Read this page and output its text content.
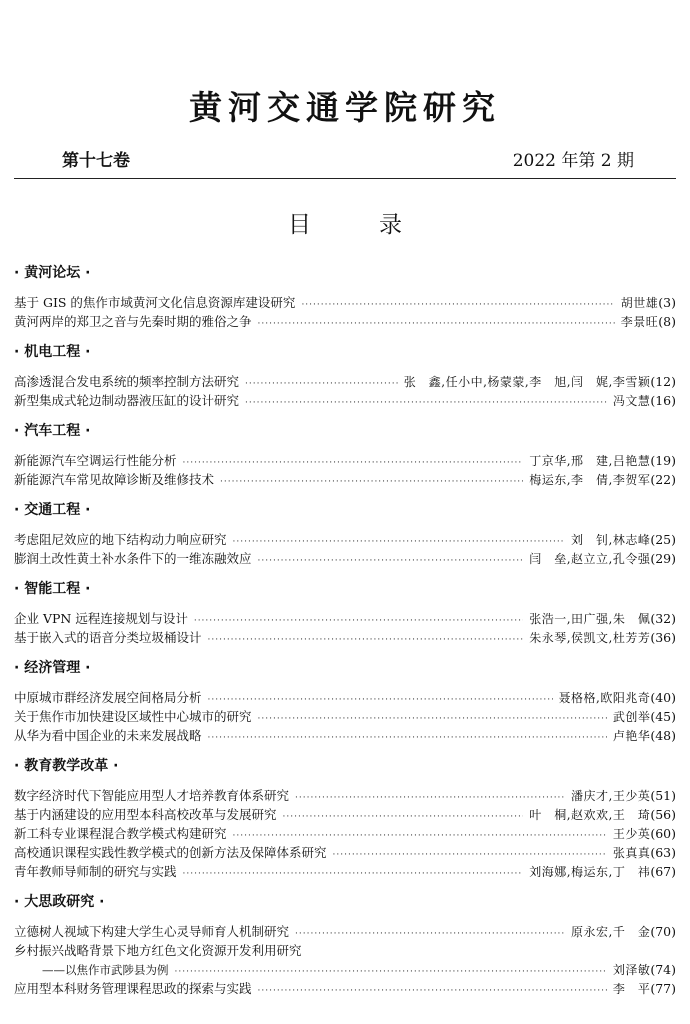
黄河交通学院研究
第十七卷	2022 年第 2 期
目	录
· 黄河论坛 ·
基于 GIS 的焦作市域黄河文化信息资源库建设研究 ·····	胡世雄 (3)
黄河两岸的郑卫之音与先秦时期的雅俗之争 ·····	李景旺 (8)
· 机电工程 ·
高渗透混合发电系统的频率控制方法研究 ·····	张　鑫,任小中,杨蒙蒙,李　旭,闫　娓,李雪颖 (12)
新型集成式轮边制动器液压缸的设计研究 ·····	冯文慧 (16)
· 汽车工程 ·
新能源汽车空调运行性能分析 ·····	丁京华,邢　建,吕艳慧 (19)
新能源汽车常见故障诊断及维修技术 ·····	梅运东,李　倩,李贺军 (22)
· 交通工程 ·
考虑阻尼效应的地下结构动力响应研究 ·····	刘　钊,林志峰 (25)
膨润土改性黄土补水条件下的一维冻融效应 ·····	闫　垒,赵立立,孔令强 (29)
· 智能工程 ·
企业 VPN 远程连接规划与设计 ·····	张浩一,田广强,朱　佩 (32)
基于嵌入式的语音分类垃圾桶设计 ·····	朱永琴,侯凯文,杜芳芳 (36)
· 经济管理 ·
中原城市群经济发展空间格局分析 ·····	聂格格,欧阳兆奇 (40)
关于焦作市加快建设区域性中心城市的研究 ·····	武创举 (45)
从华为看中国企业的未来发展战略 ·····	卢艳华 (48)
· 教育教学改革 ·
数字经济时代下智能应用型人才培养教育体系研究 ·····	潘庆才,王少英 (51)
基于内涵建设的应用型本科高校改革与发展研究 ·····	叶　桐,赵欢欢,王　琦 (56)
新工科专业课程混合教学模式构建研究 ·····	王少英 (60)
高校通识课程实践性教学模式的创新方法及保障体系研究 ·····	张真真 (63)
青年教师导师制的研究与实践 ·····	刘海娜,梅运东,丁　祎 (67)
· 大思政研究 ·
立德树人视域下构建大学生心灵导师育人机制研究 ·····	原永宏,千　金 (70)
乡村振兴战略背景下地方红色文化资源开发利用研究
——以焦作市武陟县为例 ·····	刘泽敏 (74)
应用型本科财务管理课程思政的探索与实践 ·····	李　平 (77)
